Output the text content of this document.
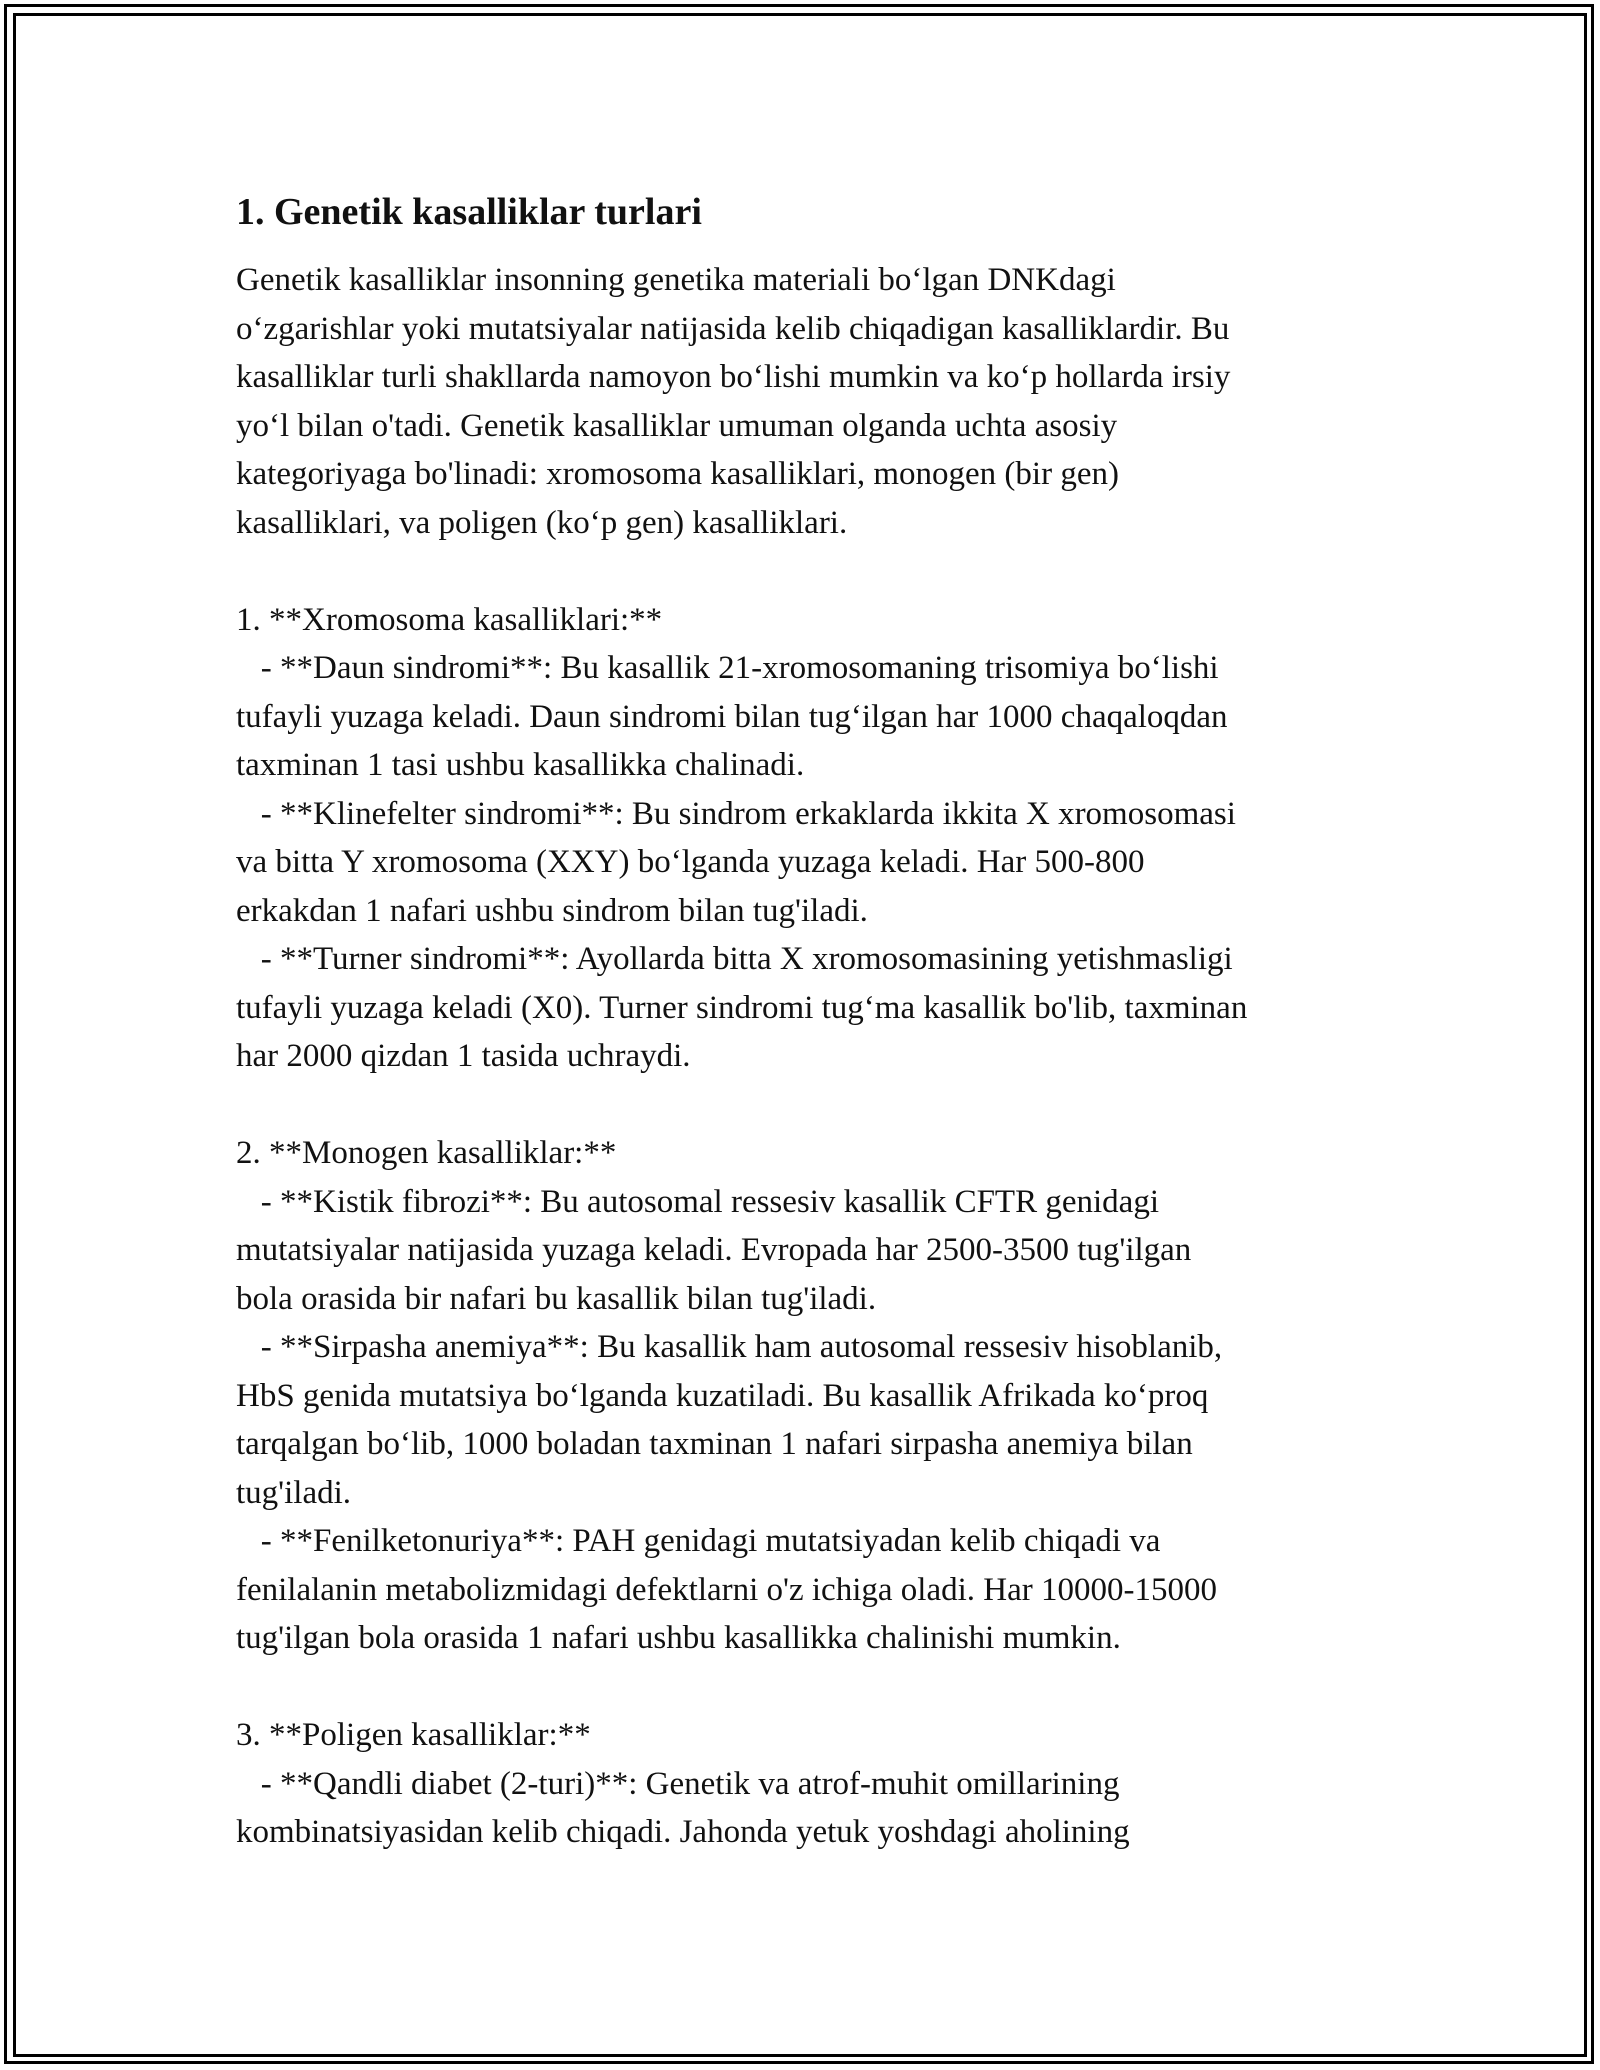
1. Genetik kasalliklar turlari
Genetik kasalliklar insonning genetika materiali bo‘lgan DNKdagi
o‘zgarishlar yoki mutatsiyalar natijasida kelib chiqadigan kasalliklardir. Bu
kasalliklar turli shakllarda namoyon bo‘lishi mumkin va ko‘p hollarda irsiy
yo‘l bilan o'tadi. Genetik kasalliklar umuman olganda uchta asosiy
kategoriyaga bo'linadi: xromosoma kasalliklari, monogen (bir gen)
kasalliklari, va poligen (ko‘p gen) kasalliklari.
1. **Xromosoma kasalliklari:**
- **Daun sindromi**: Bu kasallik 21-xromosomaning trisomiya bo‘lishi
tufayli yuzaga keladi. Daun sindromi bilan tug‘ilgan har 1000 chaqaloqdan
taxminan 1 tasi ushbu kasallikka chalinadi.
- **Klinefelter sindromi**: Bu sindrom erkaklarda ikkita X xromosomasi
va bitta Y xromosoma (XXY) bo‘lganda yuzaga keladi. Har 500-800
erkakdan 1 nafari ushbu sindrom bilan tug'iladi.
- **Turner sindromi**: Ayollarda bitta X xromosomasining yetishmasligi
tufayli yuzaga keladi (X0). Turner sindromi tug‘ma kasallik bo'lib, taxminan
har 2000 qizdan 1 tasida uchraydi.
2. **Monogen kasalliklar:**
- **Kistik fibrozi**: Bu autosomal ressesiv kasallik CFTR genidagi
mutatsiyalar natijasida yuzaga keladi. Evropada har 2500-3500 tug'ilgan
bola orasida bir nafari bu kasallik bilan tug'iladi.
- **Sirpasha anemiya**: Bu kasallik ham autosomal ressesiv hisoblanib,
HbS genida mutatsiya bo‘lganda kuzatiladi. Bu kasallik Afrikada ko‘proq
tarqalgan bo‘lib, 1000 boladan taxminan 1 nafari sirpasha anemiya bilan
tug'iladi.
- **Fenilketonuriya**: PAH genidagi mutatsiyadan kelib chiqadi va
fenilalanin metabolizmidagi defektlarni o'z ichiga oladi. Har 10000-15000
tug'ilgan bola orasida 1 nafari ushbu kasallikka chalinishi mumkin.
3. **Poligen kasalliklar:**
- **Qandli diabet (2-turi)**: Genetik va atrof-muhit omillarining
kombinatsiyasidan kelib chiqadi. Jahonda yetuk yoshdagi aholining
